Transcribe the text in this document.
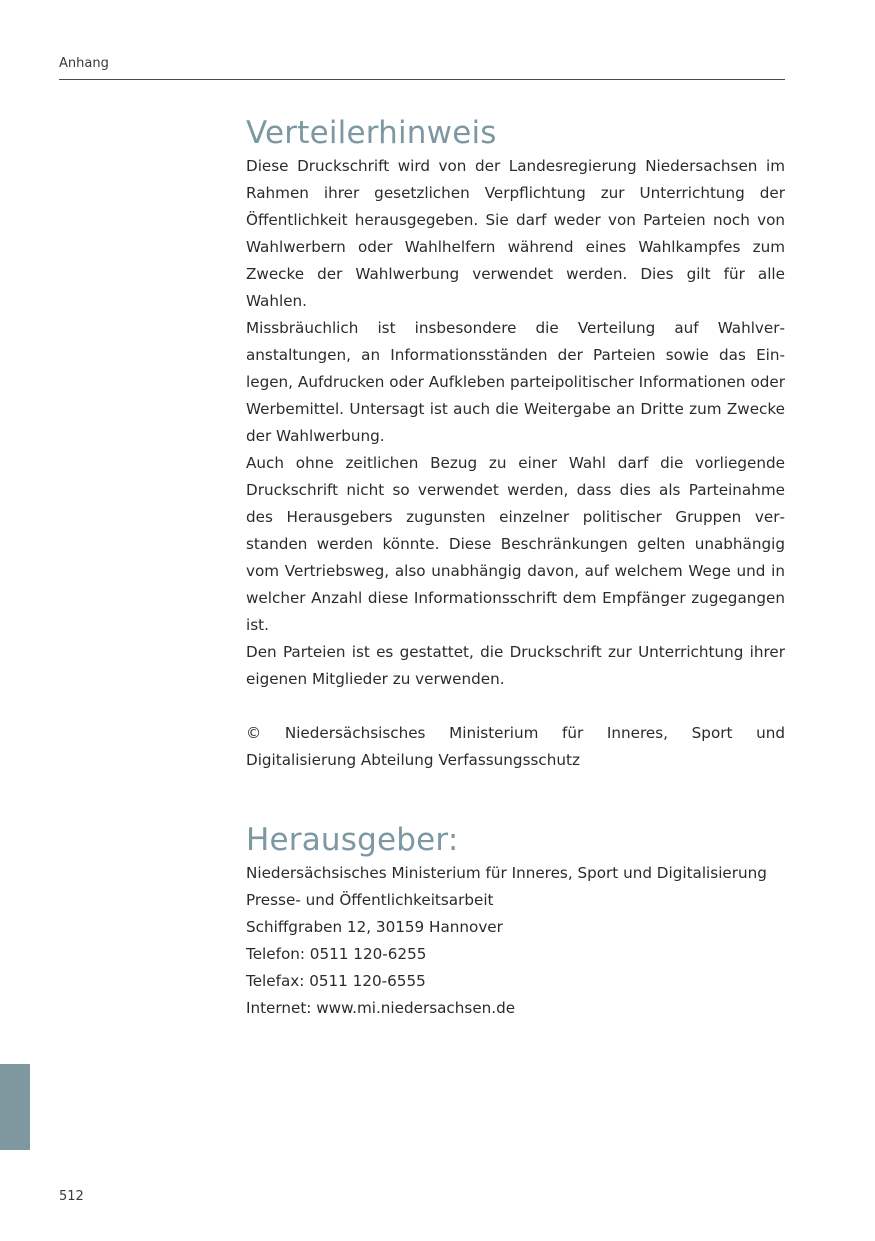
Anhang
Verteilerhinweis

Diese Druckschrift wird von der Landesregierung Niedersachsen im Rahmen ihrer gesetzlichen Verpflichtung zur Unterrichtung der Öffentlichkeit herausgegeben. Sie darf weder von Parteien noch von Wahlwerbern oder Wahlhelfern während eines Wahlkampfes zum Zwecke der Wahlwerbung verwendet werden. Dies gilt für alle Wahlen.

Missbräuchlich ist insbesondere die Verteilung auf Wahlveranstaltungen, an Informationsständen der Parteien sowie das Einlegen, Aufdrucken oder Aufkleben parteipolitischer Informationen oder Werbemittel. Untersagt ist auch die Weitergabe an Dritte zum Zwecke der Wahlwerbung.

Auch ohne zeitlichen Bezug zu einer Wahl darf die vorliegende Druckschrift nicht so verwendet werden, dass dies als Parteinahme des Herausgebers zugunsten einzelner politischer Gruppen verstanden werden könnte. Diese Beschränkungen gelten unabhängig vom Vertriebsweg, also unabhängig davon, auf welchem Wege und in welcher Anzahl diese Informationsschrift dem Empfänger zugegangen ist.

Den Parteien ist es gestattet, die Druckschrift zur Unterrichtung ihrer eigenen Mitglieder zu verwenden.

© Niedersächsisches Ministerium für Inneres, Sport und Digitalisierung Abteilung Verfassungsschutz

Herausgeber:

Niedersächsisches Ministerium für Inneres, Sport und Digitalisierung

Presse- und Öffentlichkeitsarbeit

Schiffgraben 12, 30159 Hannover

Telefon: 0511 120-6255

Telefax: 0511 120-6555

Internet: www.mi.niedersachsen.de

512
